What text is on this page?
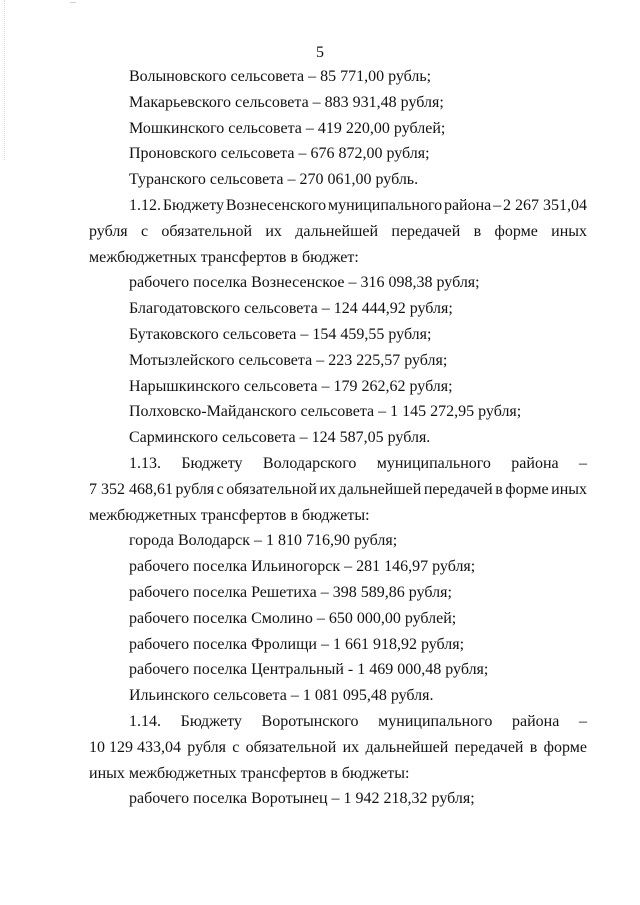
5
Волыновского сельсовета – 85 771,00 рубль;
Макарьевского сельсовета – 883 931,48 рубля;
Мошкинского сельсовета – 419 220,00 рублей;
Проновского сельсовета – 676 872,00 рубля;
Туранского сельсовета – 270 061,00 рубль.
1.12. Бюджету Вознесенского муниципального района – 2 267 351,04
рубля с обязательной их дальнейшей передачей в форме иных
межбюджетных трансфертов в бюджет:
рабочего поселка Вознесенское – 316 098,38 рубля;
Благодатовского сельсовета – 124 444,92 рубля;
Бутаковского сельсовета – 154 459,55 рубля;
Мотызлейского сельсовета – 223 225,57 рубля;
Нарышкинского сельсовета – 179 262,62 рубля;
Полховско-Майданского сельсовета – 1 145 272,95 рубля;
Сарминского сельсовета – 124 587,05 рубля.
1.13. Бюджету Володарского муниципального района –
7 352 468,61 рубля с обязательной их дальнейшей передачей в форме иных
межбюджетных трансфертов в бюджеты:
города Володарск – 1 810 716,90 рубля;
рабочего поселка Ильиногорск – 281 146,97 рубля;
рабочего поселка Решетиха – 398 589,86 рубля;
рабочего поселка Смолино – 650 000,00 рублей;
рабочего поселка Фролищи – 1 661 918,92 рубля;
рабочего поселка Центральный - 1 469 000,48 рубля;
Ильинского сельсовета – 1 081 095,48 рубля.
1.14. Бюджету Воротынского муниципального района –
10 129 433,04 рубля с обязательной их дальнейшей передачей в форме
иных межбюджетных трансфертов в бюджеты:
рабочего поселка Воротынец – 1 942 218,32 рубля;
